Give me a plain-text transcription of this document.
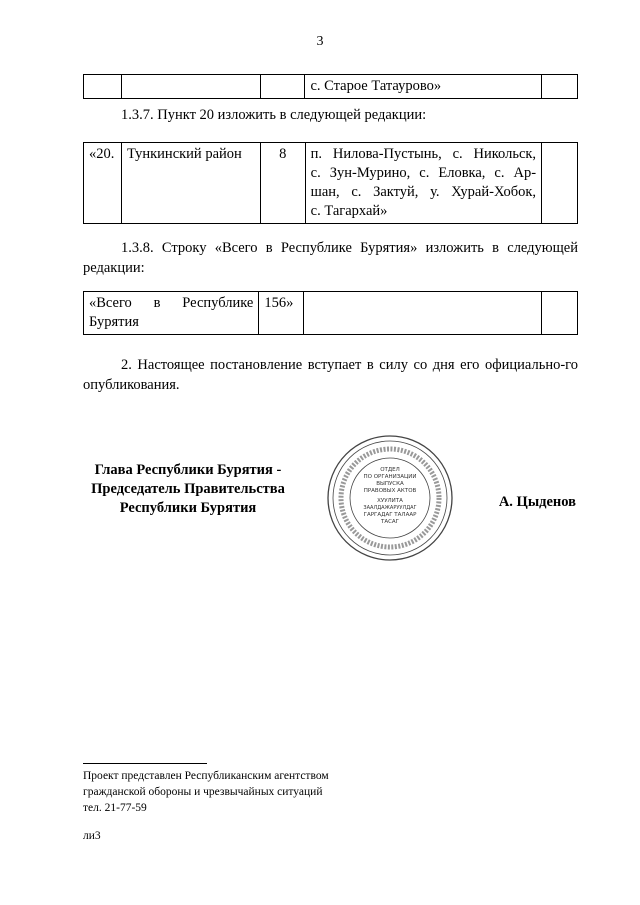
3
			с. Старое Татаурово»	
1.3.7. Пункт 20 изложить в следующей редакции:
«20.	Тункинский район	8	п. Нилова-Пустынь, с. Никольск,
с. Зун-Мурино, с. Еловка, с. Ар-
шан, с. Зактуй, у. Хурай-Хобок,
с. Тагархай»

1.3.8. Строку «Всего в Республике Бурятия» изложить в следующей редакции:
«Всего в Республике
Бурятия
	156»		
2. Настоящее постановление вступает в силу со дня его официально-го опубликования.
Глава Республики Бурятия -
Председатель Правительства
Республики Бурятия
ОТДЕЛ
ПО ОРГАНИЗАЦИИ
ВЫПУСКА
ПРАВОВЫХ АКТОВ
ХУУЛИТА
ЗААЛДАЖАРУУЛДАГ
ГАРГАДАГ ТАЛААР
ТАСАГ
А. Цыденов
Проект представлен Республиканским агентством
гражданской обороны и чрезвычайных ситуаций
тел. 21-77-59
ли3
